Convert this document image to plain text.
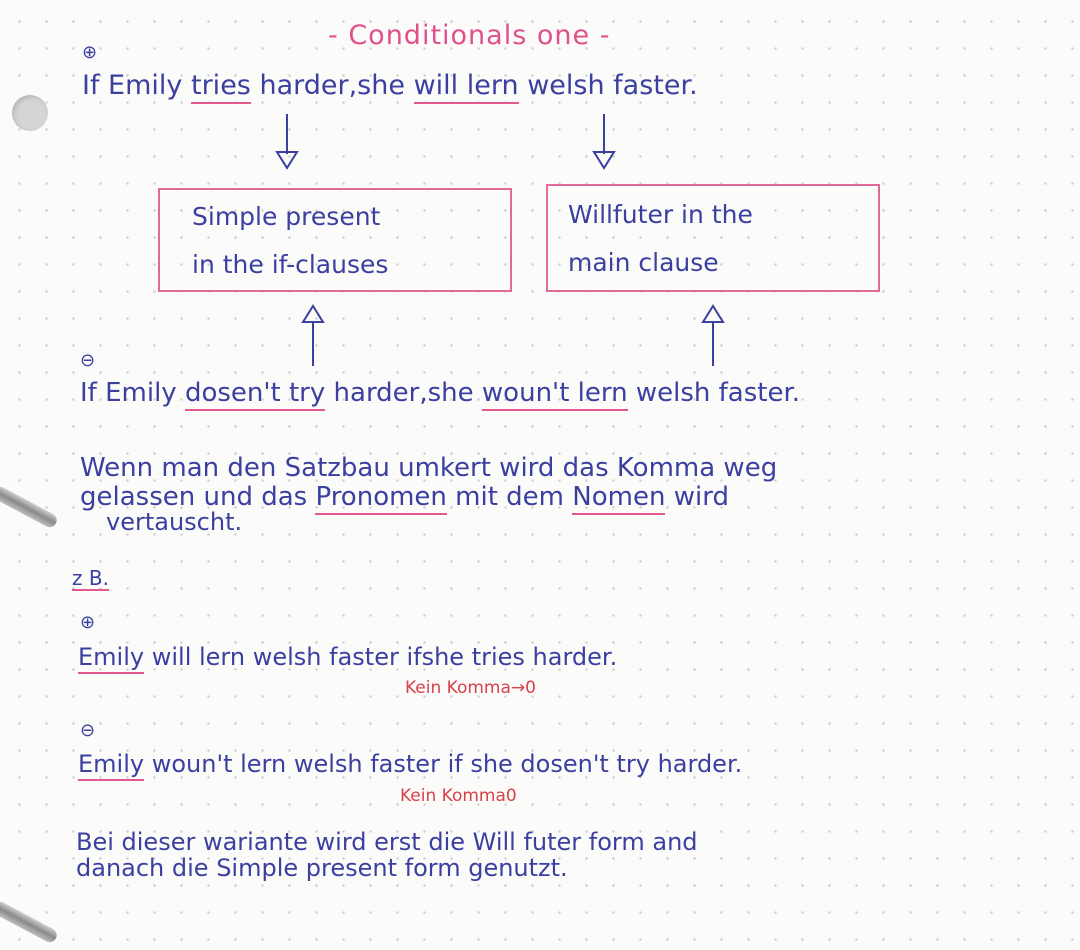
- Conditionals one -
⊕
If Emily tries harder,she will lern welsh faster.
Simple present
in the if-clauses
Willfuter in the
main clause
⊖
If Emily dosen't try harder,she woun't lern welsh faster.
Wenn man den Satzbau umkert wird das Komma weg
gelassen und das Pronomen mit dem Nomen wird
vertauscht.
z B.
⊕
Emily will lern welsh faster ifshe tries harder.
Kein Komma→0
⊖
Emily woun't lern welsh faster if she dosen't try harder.
Kein Komma0
Bei dieser wariante wird erst die Will futer form and
danach die Simple present form genutzt.
